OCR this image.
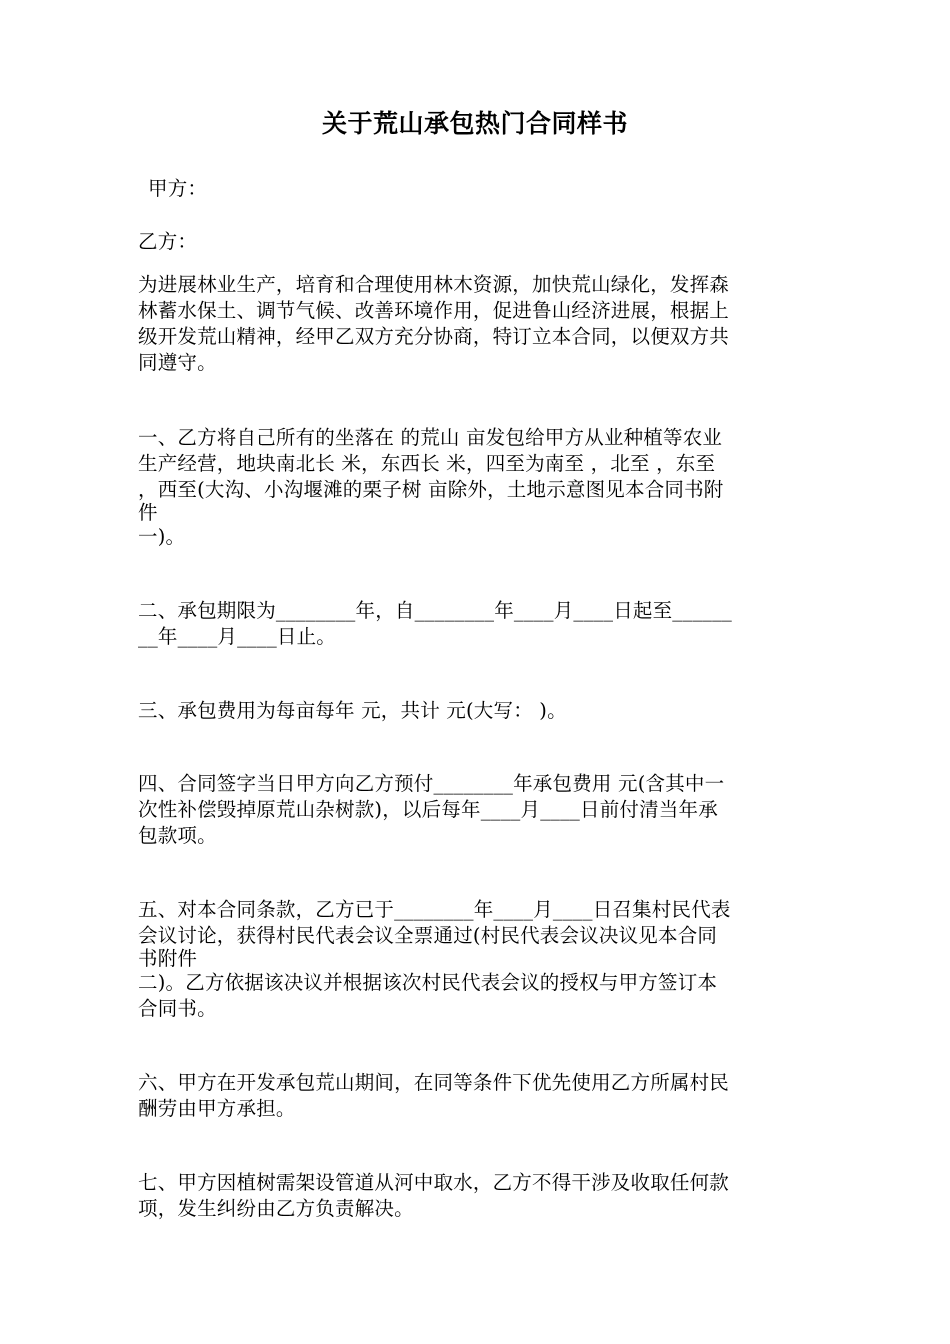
关于荒山承包热门合同样书
甲方：
乙方：
为进展林业生产，培育和合理使用林木资源，加快荒山绿化，发挥森
林蓄水保土、调节气候、改善环境作用，促进鲁山经济进展，根据上
级开发荒山精神，经甲乙双方充分协商，特订立本合同，以便双方共
同遵守。
一、乙方将自己所有的坐落在 的荒山 亩发包给甲方从业种植等农业
生产经营，地块南北长 米，东西长 米，四至为南至 ，北至 ，东至
，西至(大沟、小沟堰滩的栗子树 亩除外，土地示意图见本合同书附
件
一)。
二、承包期限为________年，自________年____月____日起至______
__年____月____日止。
三、承包费用为每亩每年 元，共计 元(大写： )。
四、合同签字当日甲方向乙方预付________年承包费用 元(含其中一
次性补偿毁掉原荒山杂树款)，以后每年____月____日前付清当年承
包款项。
五、对本合同条款，乙方已于________年____月____日召集村民代表
会议讨论，获得村民代表会议全票通过(村民代表会议决议见本合同
书附件
二)。乙方依据该决议并根据该次村民代表会议的授权与甲方签订本
合同书。
六、甲方在开发承包荒山期间，在同等条件下优先使用乙方所属村民
酬劳由甲方承担。
七、甲方因植树需架设管道从河中取水，乙方不得干涉及收取任何款
项，发生纠纷由乙方负责解决。
